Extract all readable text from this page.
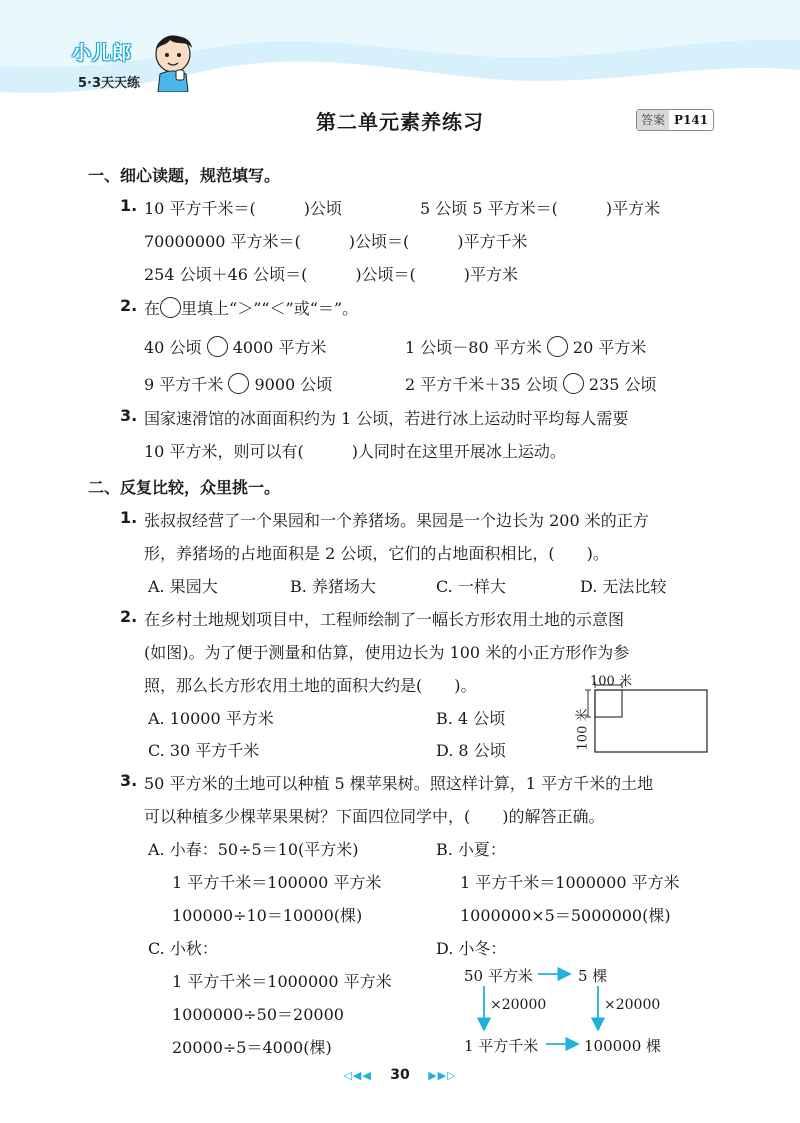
小儿郎
5·3天天练
第二单元素养练习	答案 P141
一、细心读题，规范填写。
1. 10 平方千米＝(　　　)公顷	5 公顷 5 平方米＝(　　　)平方米
70000000 平方米＝(　　　)公顷＝(　　　)平方千米
254 公顷＋46 公顷＝(　　　)公顷＝(　　　)平方米
2. 在 里填上“＞”“＜”或“＝”。
40 公顷 4000 平方米	1 公顷－80 平方米 20 平方米
9 平方千米 9000 公顷	2 平方千米＋35 公顷 235 公顷
3. 国家速滑馆的冰面面积约为 1 公顷，若进行冰上运动时平均每人需要
10 平方米，则可以有(　　　)人同时在这里开展冰上运动。
二、反复比较，众里挑一。
1. 张叔叔经营了一个果园和一个养猪场。果园是一个边长为 200 米的正方
形，养猪场的占地面积是 2 公顷，它们的占地面积相比，(　　)。
A. 果园大	B. 养猪场大	C. 一样大	D. 无法比较
2. 在乡村土地规划项目中，工程师绘制了一幅长方形农用土地的示意图
(如图)。为了便于测量和估算，使用边长为 100 米的小正方形作为参
照，那么长方形农用土地的面积大约是(　　)。
A. 10000 平方米	B. 4 公顷
C. 30 平方千米	D. 8 公顷
100 米
100 米
3. 50 平方米的土地可以种植 5 棵苹果树。照这样计算，1 平方千米的土地
可以种植多少棵苹果果树？下面四位同学中，(　　)的解答正确。
A. 小春：50÷5＝10(平方米)
1 平方千米＝100000 平方米
100000÷10＝10000(棵)
B. 小夏：
1 平方千米＝1000000 平方米
1000000×5＝5000000(棵)
C. 小秋：
1 平方千米＝1000000 平方米
1000000÷50＝20000
20000÷5＝4000(棵)
D. 小冬：
50 平方米	5 棵
×20000	×20000
1 平方千米	100000 棵
◁◀◀ 30 ▶▶▷
